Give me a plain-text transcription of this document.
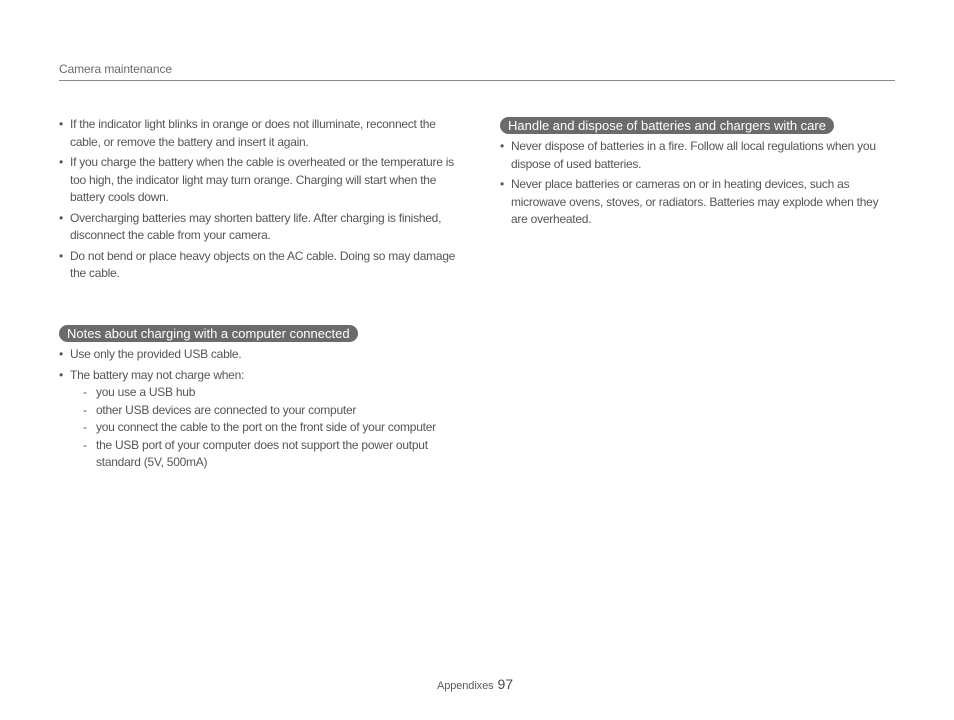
Camera maintenance
• If the indicator light blinks in orange or does not illuminate, reconnect the cable, or remove the battery and insert it again.
• If you charge the battery when the cable is overheated or the temperature is too high, the indicator light may turn orange. Charging will start when the battery cools down.
• Overcharging batteries may shorten battery life. After charging is finished, disconnect the cable from your camera.
• Do not bend or place heavy objects on the AC cable. Doing so may damage the cable.
Notes about charging with a computer connected
• Use only the provided USB cable.
• The battery may not charge when:
- you use a USB hub
- other USB devices are connected to your computer
- you connect the cable to the port on the front side of your computer
- the USB port of your computer does not support the power output standard (5V, 500mA)
Handle and dispose of batteries and chargers with care
• Never dispose of batteries in a fire. Follow all local regulations when you dispose of used batteries.
• Never place batteries or cameras on or in heating devices, such as microwave ovens, stoves, or radiators. Batteries may explode when they are overheated.
Appendixes 97
